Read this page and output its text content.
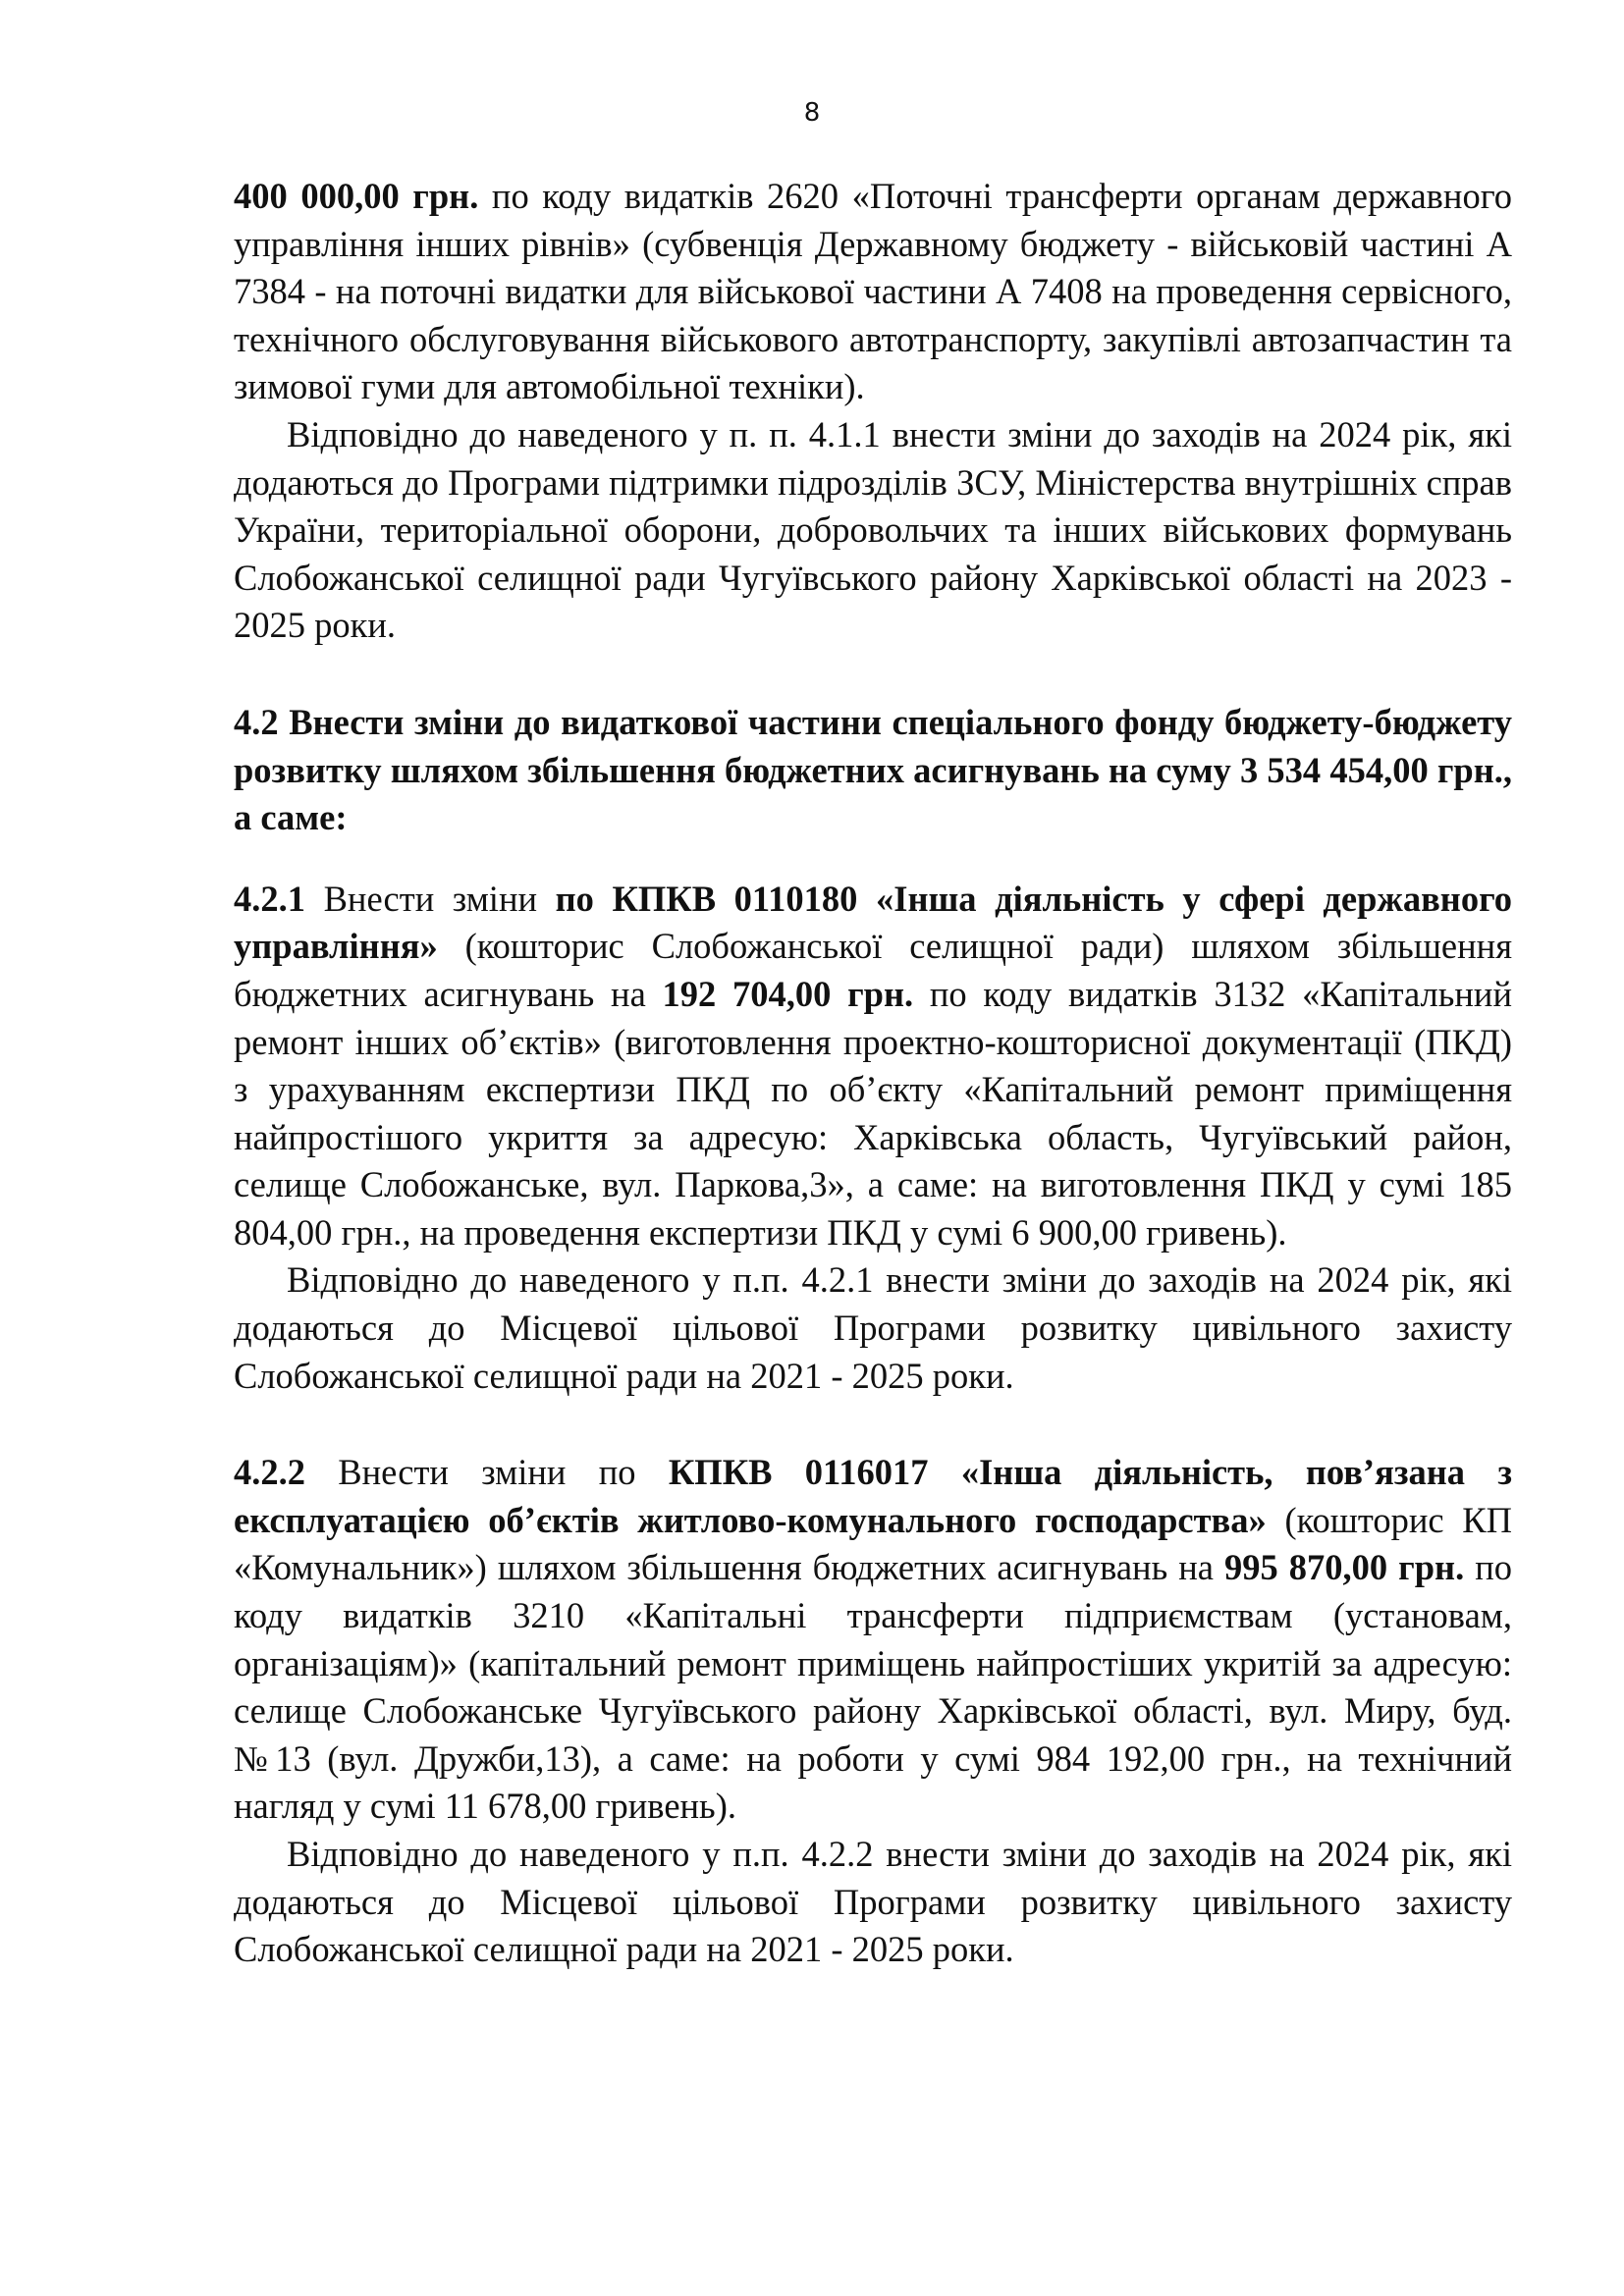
8

400 000,00 грн. по коду видатків 2620 «Поточні трансферти органам державного управління інших рівнів» (субвенція Державному бюджету - військовій частині А 7384 - на поточні видатки для військової частини А 7408 на проведення сервісного, технічного обслуговування військового автотранспорту, закупівлі автозапчастин та зимової гуми для автомобільної техніки).

Відповідно до наведеного у п. п. 4.1.1 внести зміни до заходів на 2024 рік, які додаються до Програми підтримки підрозділів ЗСУ, Міністерства внутрішніх справ України, територіальної оборони, добровольчих та інших військових формувань Слобожанської селищної ради Чугуївського району Харківської області на 2023 - 2025 роки.

4.2 Внести зміни до видаткової частини спеціального фонду бюджету-бюджету розвитку шляхом збільшення бюджетних асигнувань на суму 3 534 454,00 грн., а саме:

4.2.1 Внести зміни по КПКВ 0110180 «Інша діяльність у сфері державного управління» (кошторис Слобожанської селищної ради) шляхом збільшення бюджетних асигнувань на 192 704,00 грн. по коду видатків 3132 «Капітальний ремонт інших об’єктів» (виготовлення проектно-кошторисної документації (ПКД) з урахуванням експертизи ПКД по об’єкту «Капітальний ремонт приміщення найпростішого укриття за адресую: Харківська область, Чугуївський район, селище Слобожанське, вул. Паркова,3», а саме: на виготовлення ПКД у сумі 185 804,00 грн., на проведення експертизи ПКД у сумі 6 900,00 гривень).

Відповідно до наведеного у п.п. 4.2.1 внести зміни до заходів на 2024 рік, які додаються до Місцевої цільової Програми розвитку цивільного захисту Слобожанської селищної ради на 2021 - 2025 роки.

4.2.2 Внести зміни по КПКВ 0116017 «Інша діяльність, пов’язана з експлуатацією об’єктів житлово-комунального господарства» (кошторис КП «Комунальник») шляхом збільшення бюджетних асигнувань на 995 870,00 грн. по коду видатків 3210 «Капітальні трансферти підприємствам (установам, організаціям)» (капітальний ремонт приміщень найпростіших укритій за адресую: селище Слобожанське Чугуївського району Харківської області, вул. Миру, буд. №13 (вул. Дружби,13), а саме: на роботи у сумі 984 192,00 грн., на технічний нагляд у сумі 11 678,00 гривень).

Відповідно до наведеного у п.п. 4.2.2 внести зміни до заходів на 2024 рік, які додаються до Місцевої цільової Програми розвитку цивільного захисту Слобожанської селищної ради на 2021 - 2025 роки.
